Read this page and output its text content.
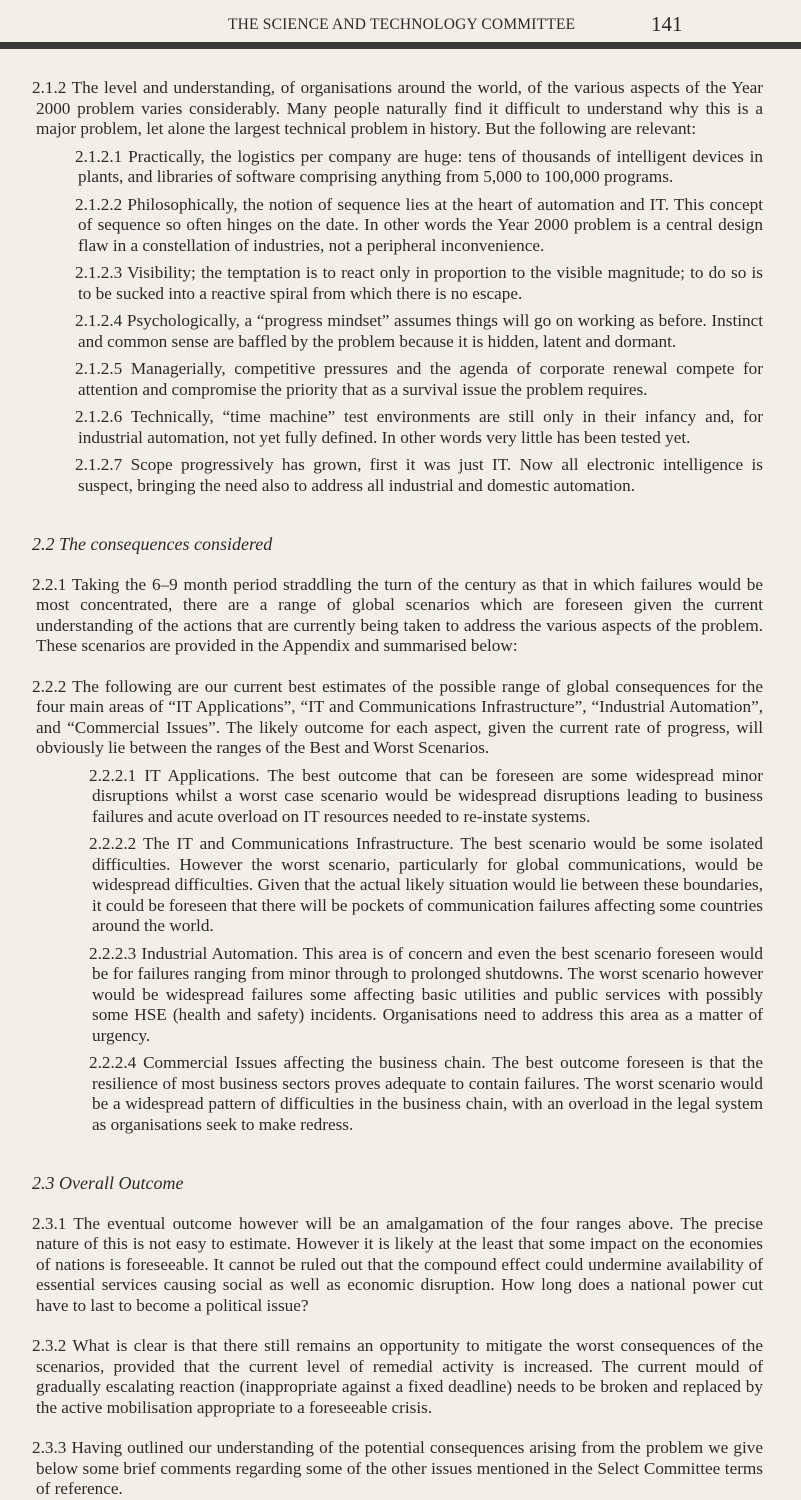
THE SCIENCE AND TECHNOLOGY COMMITTEE	141

2.1.2 The level and understanding, of organisations around the world, of the various aspects of the Year 2000 problem varies considerably. Many people naturally find it difficult to understand why this is a major problem, let alone the largest technical problem in history. But the following are relevant:

2.1.2.1 Practically, the logistics per company are huge: tens of thousands of intelligent devices in plants, and libraries of software comprising anything from 5,000 to 100,000 programs.

2.1.2.2 Philosophically, the notion of sequence lies at the heart of automation and IT. This concept of sequence so often hinges on the date. In other words the Year 2000 problem is a central design flaw in a constellation of industries, not a peripheral inconvenience.

2.1.2.3 Visibility; the temptation is to react only in proportion to the visible magnitude; to do so is to be sucked into a reactive spiral from which there is no escape.

2.1.2.4 Psychologically, a “progress mindset” assumes things will go on working as before. Instinct and common sense are baffled by the problem because it is hidden, latent and dormant.

2.1.2.5 Managerially, competitive pressures and the agenda of corporate renewal compete for attention and compromise the priority that as a survival issue the problem requires.

2.1.2.6 Technically, “time machine” test environments are still only in their infancy and, for industrial automation, not yet fully defined. In other words very little has been tested yet.

2.1.2.7 Scope progressively has grown, first it was just IT. Now all electronic intelligence is suspect, bringing the need also to address all industrial and domestic automation.

2.2 The consequences considered

2.2.1 Taking the 6–9 month period straddling the turn of the century as that in which failures would be most concentrated, there are a range of global scenarios which are foreseen given the current understanding of the actions that are currently being taken to address the various aspects of the problem. These scenarios are provided in the Appendix and summarised below:

2.2.2 The following are our current best estimates of the possible range of global consequences for the four main areas of “IT Applications”, “IT and Communications Infrastructure”, “Industrial Automation”, and “Commercial Issues”. The likely outcome for each aspect, given the current rate of progress, will obviously lie between the ranges of the Best and Worst Scenarios.

2.2.2.1 IT Applications. The best outcome that can be foreseen are some widespread minor disruptions whilst a worst case scenario would be widespread disruptions leading to business failures and acute overload on IT resources needed to re-instate systems.

2.2.2.2 The IT and Communications Infrastructure. The best scenario would be some isolated difficulties. However the worst scenario, particularly for global communications, would be widespread difficulties. Given that the actual likely situation would lie between these boundaries, it could be foreseen that there will be pockets of communication failures affecting some countries around the world.

2.2.2.3 Industrial Automation. This area is of concern and even the best scenario foreseen would be for failures ranging from minor through to prolonged shutdowns. The worst scenario however would be widespread failures some affecting basic utilities and public services with possibly some HSE (health and safety) incidents. Organisations need to address this area as a matter of urgency.

2.2.2.4 Commercial Issues affecting the business chain. The best outcome foreseen is that the resilience of most business sectors proves adequate to contain failures. The worst scenario would be a widespread pattern of difficulties in the business chain, with an overload in the legal system as organisations seek to make redress.

2.3 Overall Outcome

2.3.1 The eventual outcome however will be an amalgamation of the four ranges above. The precise nature of this is not easy to estimate. However it is likely at the least that some impact on the economies of nations is foreseeable. It cannot be ruled out that the compound effect could undermine availability of essential services causing social as well as economic disruption. How long does a national power cut have to last to become a political issue?

2.3.2 What is clear is that there still remains an opportunity to mitigate the worst consequences of the scenarios, provided that the current level of remedial activity is increased. The current mould of gradually escalating reaction (inappropriate against a fixed deadline) needs to be broken and replaced by the active mobilisation appropriate to a foreseeable crisis.

2.3.3 Having outlined our understanding of the potential consequences arising from the problem we give below some brief comments regarding some of the other issues mentioned in the Select Committee terms of reference.
